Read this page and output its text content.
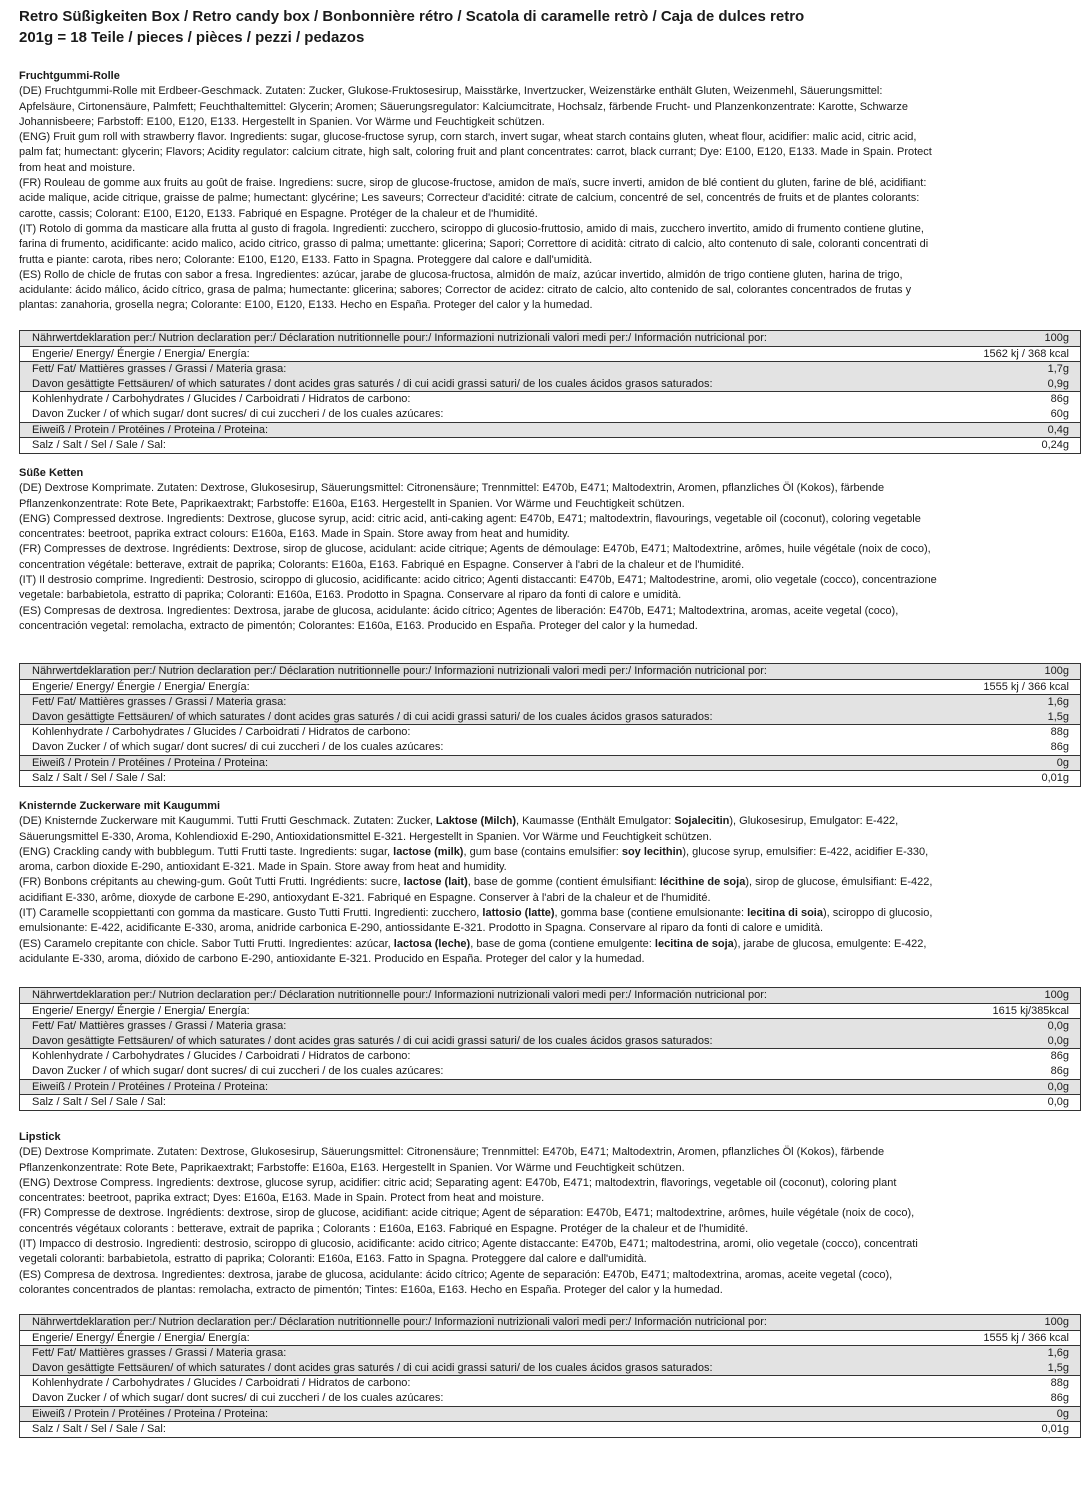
Retro Süßigkeiten Box / Retro candy box / Bonbonnière rétro / Scatola di caramelle retrò / Caja de dulces retro
201g = 18 Teile / pieces / pièces / pezzi / pedazos
Fruchtgummi-Rolle
(DE) Fruchtgummi-Rolle mit Erdbeer-Geschmack. Zutaten: Zucker, Glukose-Fruktosesirup, Maisstärke, Invertzucker, Weizenstärke enthält Gluten, Weizenmehl, Säuerungsmittel:
Apfelsäure, Cirtonensäure, Palmfett; Feuchthaltemittel: Glycerin; Aromen; Säuerungsregulator: Kalciumcitrate, Hochsalz, färbende Frucht- und Planzenkonzentrate: Karotte, Schwarze
Johannisbeere; Farbstoff: E100, E120, E133. Hergestellt in Spanien. Vor Wärme und Feuchtigkeit schützen.
(ENG) Fruit gum roll with strawberry flavor. Ingredients: sugar, glucose-fructose syrup, corn starch, invert sugar, wheat starch contains gluten, wheat flour, acidifier: malic acid, citric acid,
palm fat; humectant: glycerin; Flavors; Acidity regulator: calcium citrate, high salt, coloring fruit and plant concentrates: carrot, black currant; Dye: E100, E120, E133. Made in Spain. Protect
from heat and moisture.
(FR) Rouleau de gomme aux fruits au goût de fraise. Ingrediens: sucre, sirop de glucose-fructose, amidon de maïs, sucre inverti, amidon de blé contient du gluten, farine de blé, acidifiant:
acide malique, acide citrique, graisse de palme; humectant: glycérine; Les saveurs; Correcteur d'acidité: citrate de calcium, concentré de sel, concentrés de fruits et de plantes colorants:
carotte, cassis; Colorant: E100, E120, E133. Fabriqué en Espagne. Protéger de la chaleur et de l'humidité.
(IT) Rotolo di gomma da masticare alla frutta al gusto di fragola. Ingredienti: zucchero, sciroppo di glucosio-fruttosio, amido di mais, zucchero invertito, amido di frumento contiene glutine,
farina di frumento, acidificante: acido malico, acido citrico, grasso di palma; umettante: glicerina; Sapori; Correttore di acidità: citrato di calcio, alto contenuto di sale, coloranti concentrati di
frutta e piante: carota, ribes nero; Colorante: E100, E120, E133. Fatto in Spagna. Proteggere dal calore e dall'umidità.
(ES) Rollo de chicle de frutas con sabor a fresa. Ingredientes: azúcar, jarabe de glucosa-fructosa, almidón de maíz, azúcar invertido, almidón de trigo contiene gluten, harina de trigo,
acidulante: ácido málico, ácido cítrico, grasa de palma; humectante: glicerina; sabores; Corrector de acidez: citrato de calcio, alto contenido de sal, colorantes concentrados de frutas y
plantas: zanahoria, grosella negra; Colorante: E100, E120, E133. Hecho en España. Proteger del calor y la humedad.
Nährwertdeklaration per:/ Nutrion declaration per:/ Déclaration nutritionnelle pour:/ Informazioni nutrizionali valori medi per:/ Información nutricional por:	100g
Engerie/ Energy/ Énergie / Energia/ Energía:	1562 kj / 368 kcal
Fett/ Fat/ Mattières grasses / Grassi / Materia grasa:	1,7g
Davon gesättigte Fettsäuren/ of which saturates / dont acides gras saturés / di cui acidi grassi saturi/ de los cuales ácidos grasos saturados:	0,9g
Kohlenhydrate / Carbohydrates / Glucides / Carboidrati / Hidratos de carbono:	86g
Davon Zucker / of which sugar/ dont sucres/ di cui zuccheri / de los cuales azúcares:	60g
Eiweiß / Protein / Protéines / Proteina / Proteina:	0,4g
Salz / Salt / Sel / Sale / Sal:	0,24g
Süße Ketten
(DE) Dextrose Komprimate. Zutaten: Dextrose, Glukosesirup, Säuerungsmittel: Citronensäure; Trennmittel: E470b, E471; Maltodextrin, Aromen, pflanzliches Öl (Kokos), färbende
Pflanzenkonzentrate: Rote Bete, Paprikaextrakt; Farbstoffe: E160a, E163. Hergestellt in Spanien. Vor Wärme und Feuchtigkeit schützen.
(ENG) Compressed dextrose. Ingredients: Dextrose, glucose syrup, acid: citric acid, anti-caking agent: E470b, E471; maltodextrin, flavourings, vegetable oil (coconut), coloring vegetable
concentrates: beetroot, paprika extract colours: E160a, E163. Made in Spain. Store away from heat and humidity.
(FR) Compresses de dextrose. Ingrédients: Dextrose, sirop de glucose, acidulant: acide citrique; Agents de démoulage: E470b, E471; Maltodextrine, arômes, huile végétale (noix de coco),
concentration végétale: betterave, extrait de paprika; Colorants: E160a, E163. Fabriqué en Espagne. Conserver à l'abri de la chaleur et de l'humidité.
(IT) Il destrosio comprime. Ingredienti: Destrosio, sciroppo di glucosio, acidificante: acido citrico; Agenti distaccanti: E470b, E471; Maltodestrine, aromi, olio vegetale (cocco), concentrazione
vegetale: barbabietola, estratto di paprika; Coloranti: E160a, E163. Prodotto in Spagna. Conservare al riparo da fonti di calore e umidità.
(ES) Compresas de dextrosa. Ingredientes: Dextrosa, jarabe de glucosa, acidulante: ácido cítrico; Agentes de liberación: E470b, E471; Maltodextrina, aromas, aceite vegetal (coco),
concentración vegetal: remolacha, extracto de pimentón; Colorantes: E160a, E163. Producido en España. Proteger del calor y la humedad.
Nährwertdeklaration per:/ Nutrion declaration per:/ Déclaration nutritionnelle pour:/ Informazioni nutrizionali valori medi per:/ Información nutricional por:	100g
Engerie/ Energy/ Énergie / Energia/ Energía:	1555 kj / 366 kcal
Fett/ Fat/ Mattières grasses / Grassi / Materia grasa:	1,6g
Davon gesättigte Fettsäuren/ of which saturates / dont acides gras saturés / di cui acidi grassi saturi/ de los cuales ácidos grasos saturados:	1,5g
Kohlenhydrate / Carbohydrates / Glucides / Carboidrati / Hidratos de carbono:	88g
Davon Zucker / of which sugar/ dont sucres/ di cui zuccheri / de los cuales azúcares:	86g
Eiweiß / Protein / Protéines / Proteina / Proteina:	0g
Salz / Salt / Sel / Sale / Sal:	0,01g
Knisternde Zuckerware mit Kaugummi
(DE) Knisternde Zuckerware mit Kaugummi. Tutti Frutti Geschmack. Zutaten: Zucker, Laktose (Milch), Kaumasse (Enthält Emulgator: Sojalecitin), Glukosesirup, Emulgator: E-422,
Säuerungsmittel E-330, Aroma, Kohlendioxid E-290, Antioxidationsmittel E-321. Hergestellt in Spanien. Vor Wärme und Feuchtigkeit schützen.
(ENG) Crackling candy with bubblegum. Tutti Frutti taste. Ingredients: sugar, lactose (milk), gum base (contains emulsifier: soy lecithin), glucose syrup, emulsifier: E-422, acidifier E-330,
aroma, carbon dioxide E-290, antioxidant E-321. Made in Spain. Store away from heat and humidity.
(FR) Bonbons crépitants au chewing-gum. Goût Tutti Frutti. Ingrédients: sucre, lactose (lait), base de gomme (contient émulsifiant: lécithine de soja), sirop de glucose, émulsifiant: E-422,
acidifiant E-330, arôme, dioxyde de carbone E-290, antioxydant E-321. Fabriqué en Espagne. Conserver à l'abri de la chaleur et de l'humidité.
(IT) Caramelle scoppiettanti con gomma da masticare. Gusto Tutti Frutti. Ingredienti: zucchero, lattosio (latte), gomma base (contiene emulsionante: lecitina di soia), sciroppo di glucosio,
emulsionante: E-422, acidificante E-330, aroma, anidride carbonica E-290, antiossidante E-321. Prodotto in Spagna. Conservare al riparo da fonti di calore e umidità.
(ES) Caramelo crepitante con chicle. Sabor Tutti Frutti. Ingredientes: azúcar, lactosa (leche), base de goma (contiene emulgente: lecitina de soja), jarabe de glucosa, emulgente: E-422,
acidulante E-330, aroma, dióxido de carbono E-290, antioxidante E-321. Producido en España. Proteger del calor y la humedad.
Nährwertdeklaration per:/ Nutrion declaration per:/ Déclaration nutritionnelle pour:/ Informazioni nutrizionali valori medi per:/ Información nutricional por:	100g
Engerie/ Energy/ Énergie / Energia/ Energía:	1615 kj/385kcal
Fett/ Fat/ Mattières grasses / Grassi / Materia grasa:	0,0g
Davon gesättigte Fettsäuren/ of which saturates / dont acides gras saturés / di cui acidi grassi saturi/ de los cuales ácidos grasos saturados:	0,0g
Kohlenhydrate / Carbohydrates / Glucides / Carboidrati / Hidratos de carbono:	86g
Davon Zucker / of which sugar/ dont sucres/ di cui zuccheri / de los cuales azúcares:	86g
Eiweiß / Protein / Protéines / Proteina / Proteina:	0,0g
Salz / Salt / Sel / Sale / Sal:	0,0g
Lipstick
(DE) Dextrose Komprimate. Zutaten: Dextrose, Glukosesirup, Säuerungsmittel: Citronensäure; Trennmittel: E470b, E471; Maltodextrin, Aromen, pflanzliches Öl (Kokos), färbende
Pflanzenkonzentrate: Rote Bete, Paprikaextrakt; Farbstoffe: E160a, E163. Hergestellt in Spanien. Vor Wärme und Feuchtigkeit schützen.
(ENG) Dextrose Compress. Ingredients: dextrose, glucose syrup, acidifier: citric acid; Separating agent: E470b, E471; maltodextrin, flavorings, vegetable oil (coconut), coloring plant
concentrates: beetroot, paprika extract; Dyes: E160a, E163. Made in Spain. Protect from heat and moisture.
(FR) Compresse de dextrose. Ingrédients: dextrose, sirop de glucose, acidifiant: acide citrique; Agent de séparation: E470b, E471; maltodextrine, arômes, huile végétale (noix de coco),
concentrés végétaux colorants : betterave, extrait de paprika ; Colorants : E160a, E163. Fabriqué en Espagne. Protéger de la chaleur et de l'humidité.
(IT) Impacco di destrosio. Ingredienti: destrosio, sciroppo di glucosio, acidificante: acido citrico; Agente distaccante: E470b, E471; maltodestrina, aromi, olio vegetale (cocco), concentrati
vegetali coloranti: barbabietola, estratto di paprika; Coloranti: E160a, E163. Fatto in Spagna. Proteggere dal calore e dall'umidità.
(ES) Compresa de dextrosa. Ingredientes: dextrosa, jarabe de glucosa, acidulante: ácido cítrico; Agente de separación: E470b, E471; maltodextrina, aromas, aceite vegetal (coco),
colorantes concentrados de plantas: remolacha, extracto de pimentón; Tintes: E160a, E163. Hecho en España. Proteger del calor y la humedad.
Nährwertdeklaration per:/ Nutrion declaration per:/ Déclaration nutritionnelle pour:/ Informazioni nutrizionali valori medi per:/ Información nutricional por:	100g
Engerie/ Energy/ Énergie / Energia/ Energía:	1555 kj / 366 kcal
Fett/ Fat/ Mattières grasses / Grassi / Materia grasa:	1,6g
Davon gesättigte Fettsäuren/ of which saturates / dont acides gras saturés / di cui acidi grassi saturi/ de los cuales ácidos grasos saturados:	1,5g
Kohlenhydrate / Carbohydrates / Glucides / Carboidrati / Hidratos de carbono:	88g
Davon Zucker / of which sugar/ dont sucres/ di cui zuccheri / de los cuales azúcares:	86g
Eiweiß / Protein / Protéines / Proteina / Proteina:	0g
Salz / Salt / Sel / Sale / Sal:	0,01g
